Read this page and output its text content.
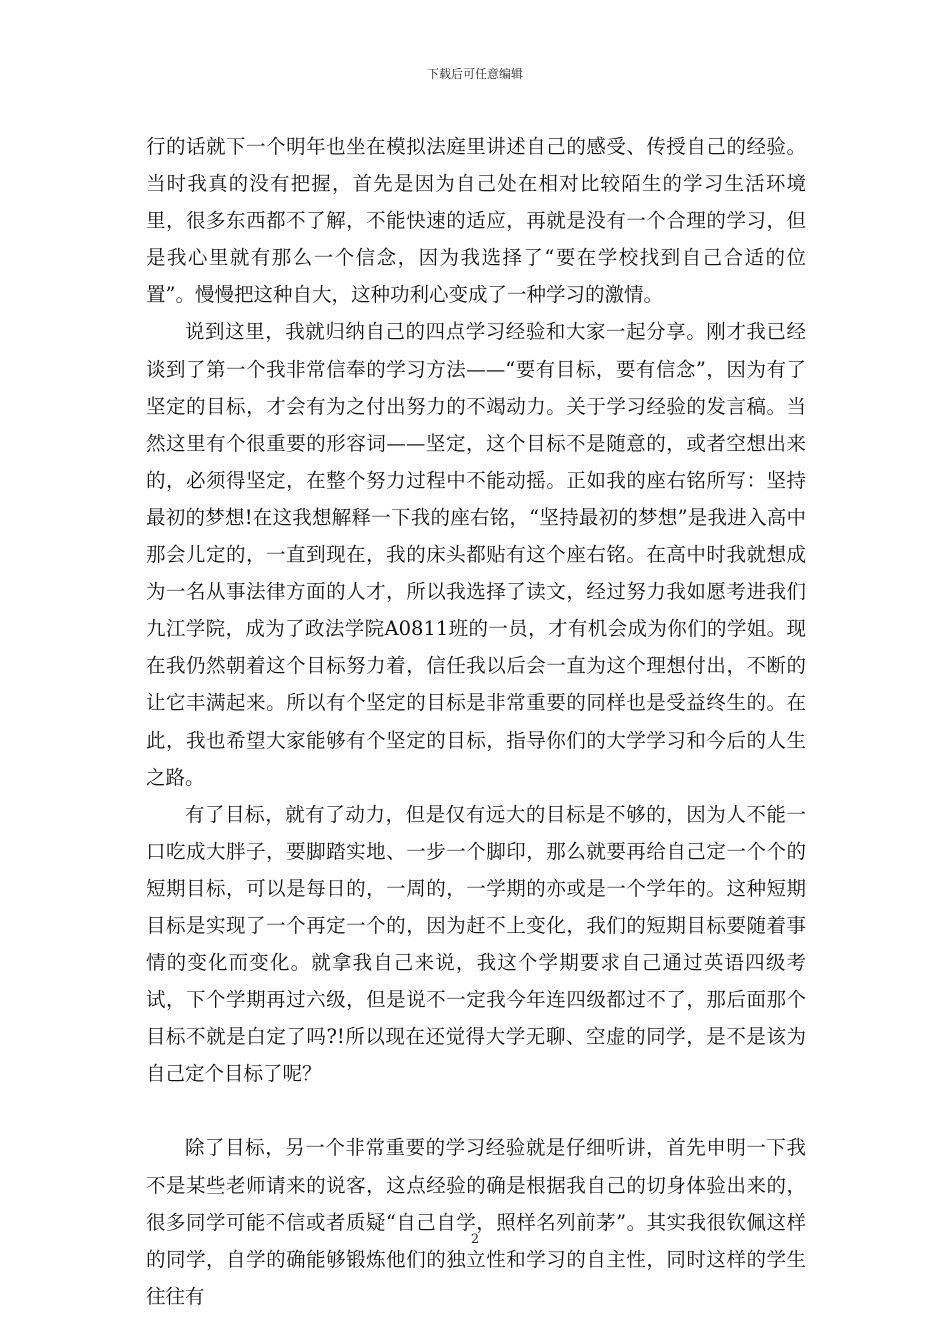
下载后可任意编辑

行的话就下一个明年也坐在模拟法庭里讲述自己的感受、传授自己的经验。当时我真的没有把握，首先是因为自己处在相对比较陌生的学习生活环境里，很多东西都不了解，不能快速的适应，再就是没有一个合理的学习，但是我心里就有那么一个信念，因为我选择了“要在学校找到自己合适的位置”。慢慢把这种自大，这种功利心变成了一种学习的激情。

说到这里，我就归纳自己的四点学习经验和大家一起分享。刚才我已经谈到了第一个我非常信奉的学习方法——“要有目标，要有信念”，因为有了坚定的目标，才会有为之付出努力的不竭动力。关于学习经验的发言稿。当然这里有个很重要的形容词——坚定，这个目标不是随意的，或者空想出来的，必须得坚定，在整个努力过程中不能动摇。正如我的座右铭所写：坚持最初的梦想!在这我想解释一下我的座右铭，“坚持最初的梦想”是我进入高中那会儿定的，一直到现在，我的床头都贴有这个座右铭。在高中时我就想成为一名从事法律方面的人才，所以我选择了读文，经过努力我如愿考进我们九江学院，成为了政法学院A0811班的一员，才有机会成为你们的学姐。现在我仍然朝着这个目标努力着，信任我以后会一直为这个理想付出，不断的让它丰满起来。所以有个坚定的目标是非常重要的同样也是受益终生的。在此，我也希望大家能够有个坚定的目标，指导你们的大学学习和今后的人生之路。

有了目标，就有了动力，但是仅有远大的目标是不够的，因为人不能一口吃成大胖子，要脚踏实地、一步一个脚印，那么就要再给自己定一个个的短期目标，可以是每日的，一周的，一学期的亦或是一个学年的。这种短期目标是实现了一个再定一个的，因为赶不上变化，我们的短期目标要随着事情的变化而变化。就拿我自己来说，我这个学期要求自己通过英语四级考试，下个学期再过六级，但是说不一定我今年连四级都过不了，那后面那个目标不就是白定了吗?!所以现在还觉得大学无聊、空虚的同学，是不是该为自己定个目标了呢？

除了目标，另一个非常重要的学习经验就是仔细听讲，首先申明一下我不是某些老师请来的说客，这点经验的确是根据我自己的切身体验出来的，很多同学可能不信或者质疑“自己自学，照样名列前茅”。其实我很钦佩这样的同学，自学的确能够锻炼他们的独立性和学习的自主性，同时这样的学生往往有

2
